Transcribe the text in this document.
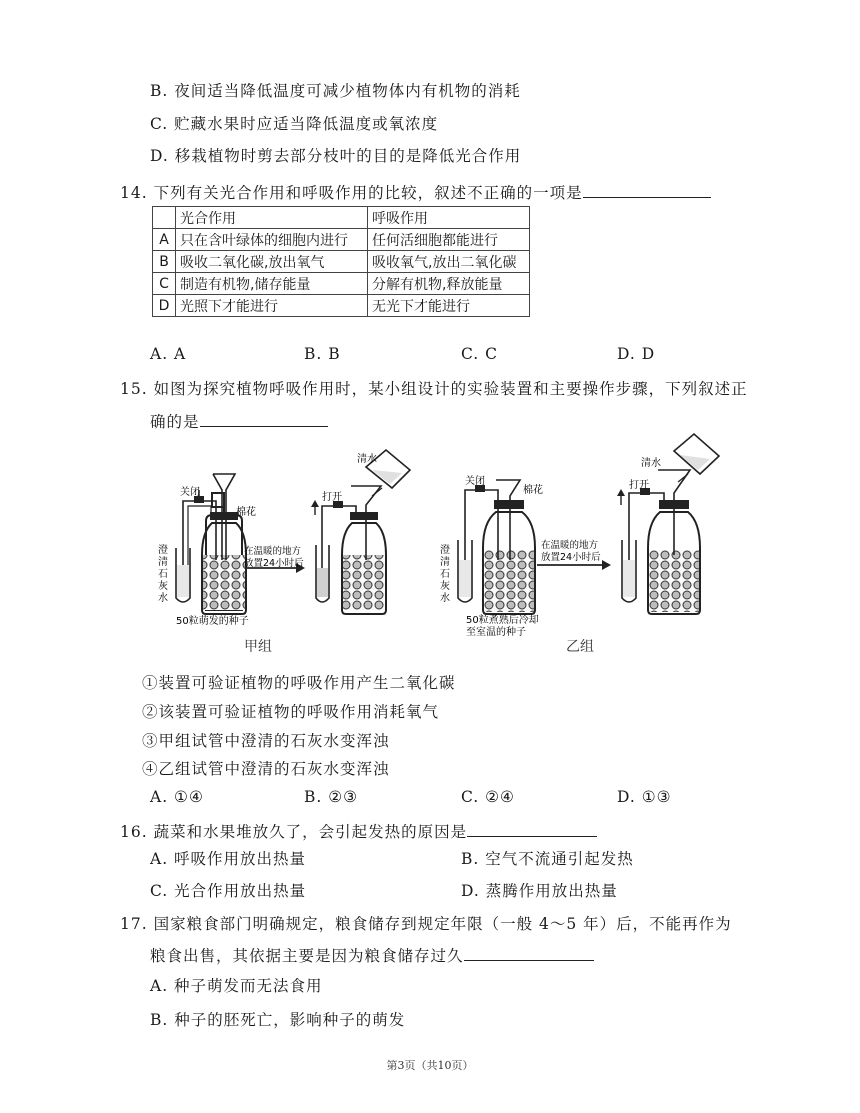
B. 夜间适当降低温度可减少植物体内有机物的消耗
C. 贮藏水果时应适当降低温度或氧浓度
D. 移栽植物时剪去部分枝叶的目的是降低光合作用
14. 下列有关光合作用和呼吸作用的比较，叙述不正确的一项是
	光合作用	呼吸作用
A	只在含叶绿体的细胞内进行	任何活细胞都能进行
B	吸收二氧化碳,放出氧气	吸收氧气,放出二氧化碳
C	制造有机物,储存能量	分解有机物,释放能量
D	光照下才能进行	无光下才能进行
A. A	B. B	C. C	D. D
15. 如图为探究植物呼吸作用时，某小组设计的实验装置和主要操作步骤，下列叙述正
确的是
关闭
棉花
澄
清
石
灰
水
50粒萌发的种子
在温暖的地方
放置24小时后
打开
清水
甲组
关闭
棉花
澄
清
石
灰
水
50粒煮熟后冷却
至室温的种子
在温暖的地方
放置24小时后
打开
清水
乙组
①装置可验证植物的呼吸作用产生二氧化碳
②该装置可验证植物的呼吸作用消耗氧气
③甲组试管中澄清的石灰水变浑浊
④乙组试管中澄清的石灰水变浑浊
A. ①④	B. ②③	C. ②④	D. ①③
16. 蔬菜和水果堆放久了，会引起发热的原因是
A. 呼吸作用放出热量	B. 空气不流通引起发热
C. 光合作用放出热量	D. 蒸腾作用放出热量
17. 国家粮食部门明确规定，粮食储存到规定年限（一般 4～5 年）后，不能再作为
粮食出售，其依据主要是因为粮食储存过久
A. 种子萌发而无法食用
B. 种子的胚死亡，影响种子的萌发
第3页（共10页）
